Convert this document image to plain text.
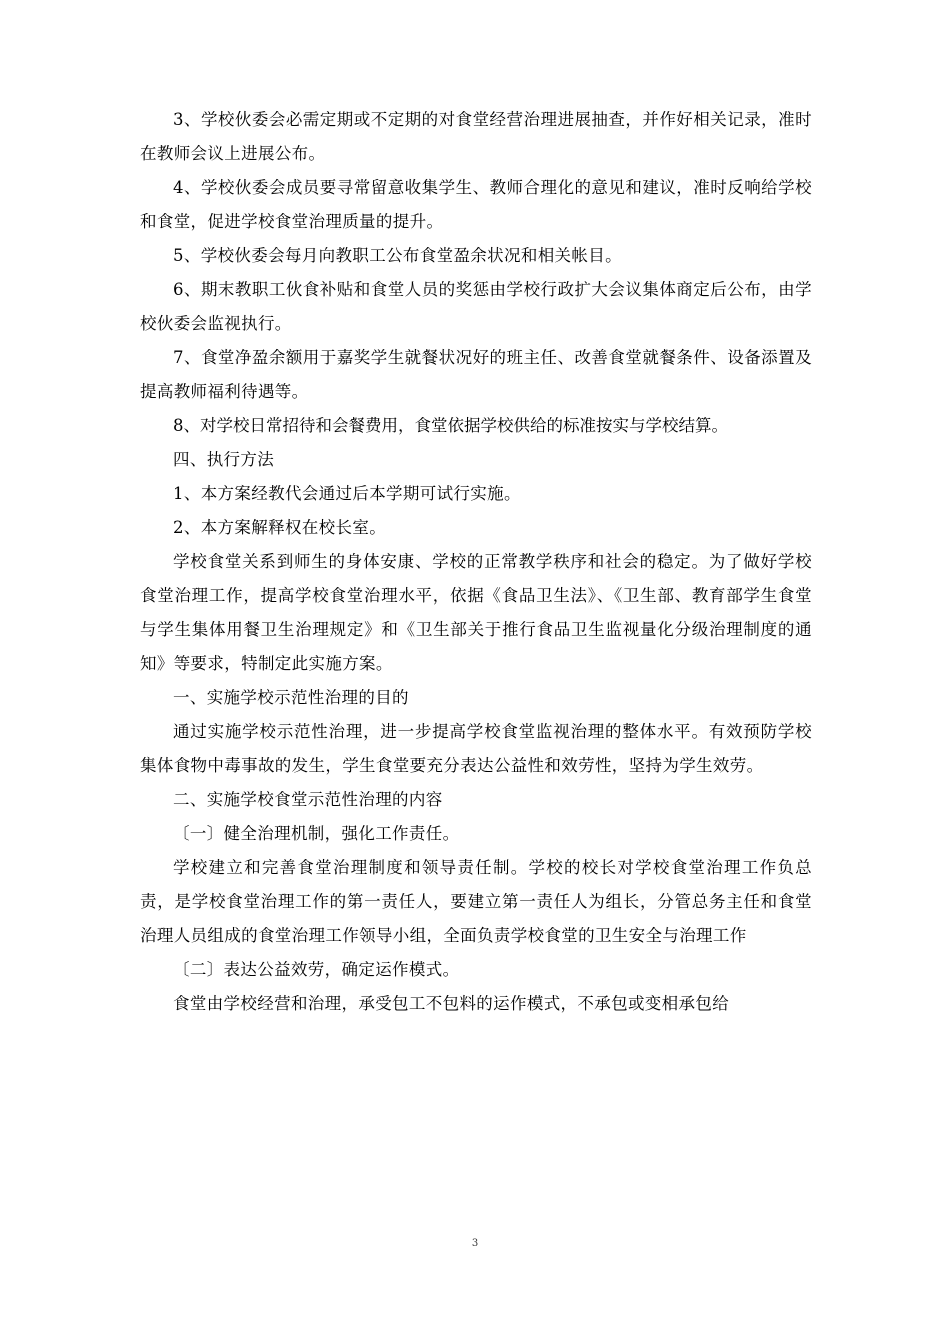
3、学校伙委会必需定期或不定期的对食堂经营治理进展抽查，并作好相关记录，准时在教师会议上进展公布。

4、学校伙委会成员要寻常留意收集学生、教师合理化的意见和建议，准时反响给学校和食堂，促进学校食堂治理质量的提升。

5、学校伙委会每月向教职工公布食堂盈余状况和相关帐目。

6、期末教职工伙食补贴和食堂人员的奖惩由学校行政扩大会议集体商定后公布，由学校伙委会监视执行。

7、食堂净盈余额用于嘉奖学生就餐状况好的班主任、改善食堂就餐条件、设备添置及提高教师福利待遇等。

8、对学校日常招待和会餐费用，食堂依据学校供给的标准按实与学校结算。

四、执行方法

1、本方案经教代会通过后本学期可试行实施。

2、本方案解释权在校长室。

学校食堂关系到师生的身体安康、学校的正常教学秩序和社会的稳定。为了做好学校食堂治理工作，提高学校食堂治理水平，依据《食品卫生法》、《卫生部、教育部学生食堂与学生集体用餐卫生治理规定》和《卫生部关于推行食品卫生监视量化分级治理制度的通知》等要求，特制定此实施方案。

一、实施学校示范性治理的目的

通过实施学校示范性治理，进一步提高学校食堂监视治理的整体水平。有效预防学校集体食物中毒事故的发生，学生食堂要充分表达公益性和效劳性，坚持为学生效劳。

二、实施学校食堂示范性治理的内容

〔一〕健全治理机制，强化工作责任。

学校建立和完善食堂治理制度和领导责任制。学校的校长对学校食堂治理工作负总责，是学校食堂治理工作的第一责任人，要建立第一责任人为组长，分管总务主任和食堂治理人员组成的食堂治理工作领导小组，全面负责学校食堂的卫生安全与治理工作

〔二〕表达公益效劳，确定运作模式。

食堂由学校经营和治理，承受包工不包料的运作模式，不承包或变相承包给

3
